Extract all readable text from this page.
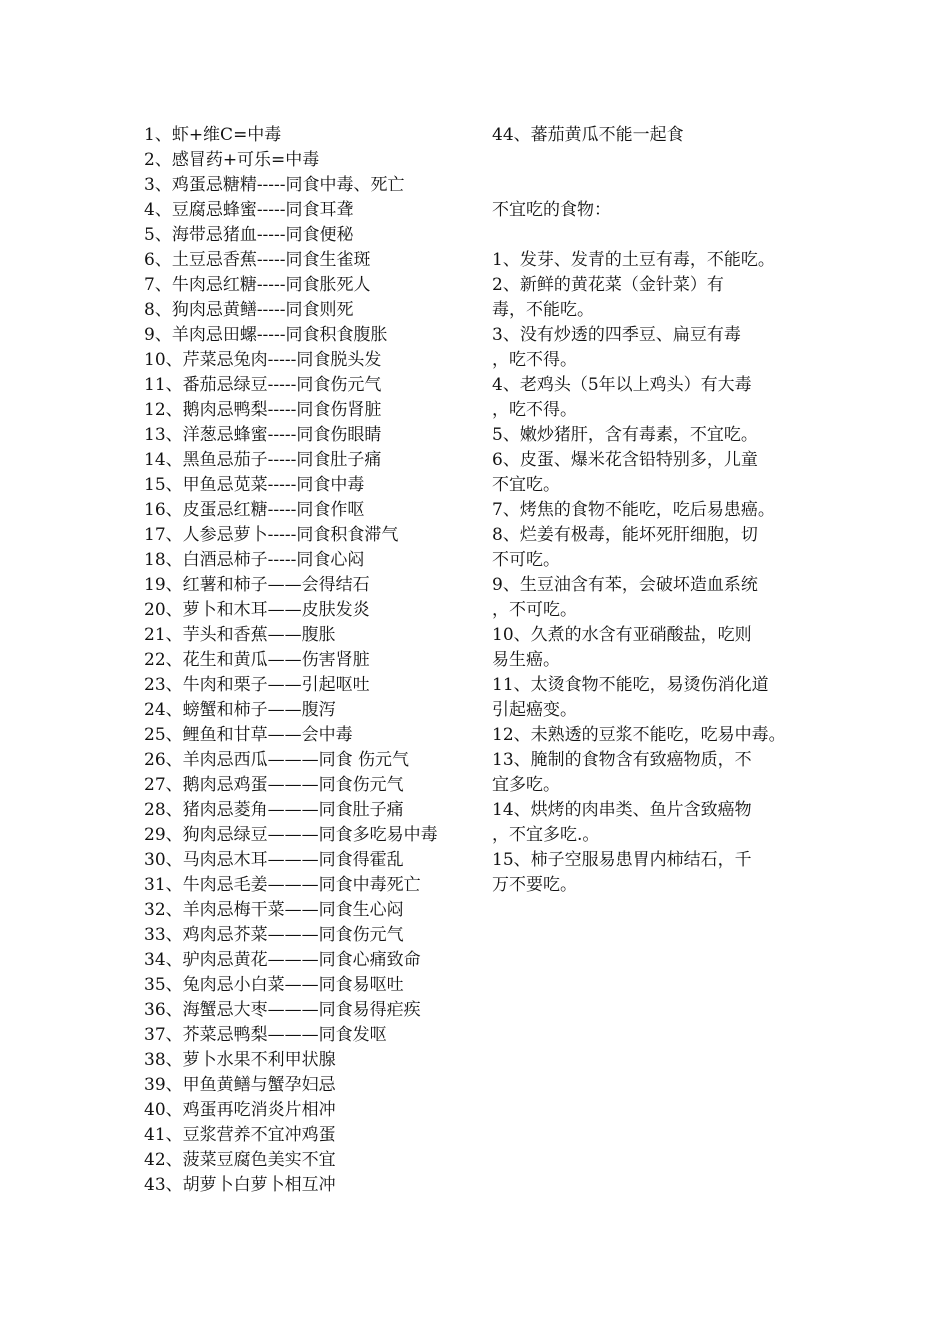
1、虾+维C=中毒
2、感冒药+可乐=中毒
3、鸡蛋忌糖精-----同食中毒、死亡
4、豆腐忌蜂蜜-----同食耳聋
5、海带忌猪血-----同食便秘
6、土豆忌香蕉-----同食生雀斑
7、牛肉忌红糖-----同食胀死人
8、狗肉忌黄鳝-----同食则死
9、羊肉忌田螺-----同食积食腹胀
10、芹菜忌兔肉-----同食脱头发
11、番茄忌绿豆-----同食伤元气
12、鹅肉忌鸭梨-----同食伤肾脏
13、洋葱忌蜂蜜-----同食伤眼睛
14、黑鱼忌茄子-----同食肚子痛
15、甲鱼忌苋菜-----同食中毒
16、皮蛋忌红糖-----同食作呕
17、人参忌萝卜-----同食积食滞气
18、白酒忌柿子-----同食心闷
19、红薯和柿子——会得结石
20、萝卜和木耳——皮肤发炎
21、芋头和香蕉——腹胀
22、花生和黄瓜——伤害肾脏
23、牛肉和栗子——引起呕吐
24、螃蟹和柿子——腹泻
25、鲤鱼和甘草——会中毒
26、羊肉忌西瓜———同食 伤元气
27、鹅肉忌鸡蛋———同食伤元气
28、猪肉忌菱角———同食肚子痛
29、狗肉忌绿豆———同食多吃易中毒
30、马肉忌木耳———同食得霍乱
31、牛肉忌毛姜———同食中毒死亡
32、羊肉忌梅干菜——同食生心闷
33、鸡肉忌芥菜———同食伤元气
34、驴肉忌黄花———同食心痛致命
35、兔肉忌小白菜——同食易呕吐
36、海蟹忌大枣———同食易得疟疾
37、芥菜忌鸭梨———同食发呕
38、萝卜水果不利甲状腺
39、甲鱼黄鳝与蟹孕妇忌
40、鸡蛋再吃消炎片相冲
41、豆浆营养不宜冲鸡蛋
42、菠菜豆腐色美实不宜
43、胡萝卜白萝卜相互冲
44、蕃茄黄瓜不能一起食
不宜吃的食物：
1、发芽、发青的土豆有毒，不能吃。
2、新鲜的黄花菜（金针菜）有
毒，不能吃。
3、没有炒透的四季豆、扁豆有毒
，吃不得。
4、老鸡头（5年以上鸡头）有大毒
，吃不得。
5、嫩炒猪肝，含有毒素，不宜吃。
6、皮蛋、爆米花含铅特别多，儿童
不宜吃。
7、烤焦的食物不能吃，吃后易患癌。
8、烂姜有极毒，能坏死肝细胞，切
不可吃。
9、生豆油含有苯，会破坏造血系统
，不可吃。
10、久煮的水含有亚硝酸盐，吃则
易生癌。
11、太烫食物不能吃，易烫伤消化道
引起癌变。
12、未熟透的豆浆不能吃，吃易中毒。
13、腌制的食物含有致癌物质，不
宜多吃。
14、烘烤的肉串类、鱼片含致癌物
，不宜多吃.。
15、柿子空服易患胃内柿结石，千
万不要吃。
